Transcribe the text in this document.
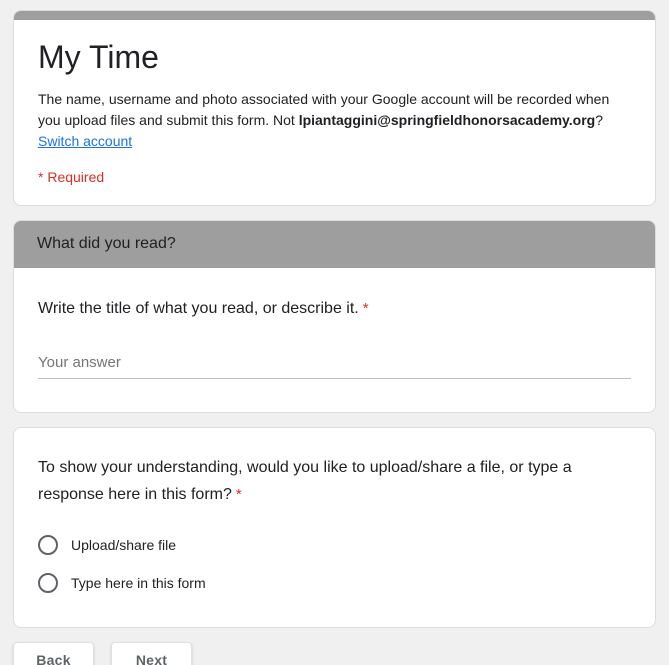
My Time
The name, username and photo associated with your Google account will be recorded when you upload files and submit this form. Not lpiantaggini@springfieldhonorsacademy.org?
Switch account
* Required
What did you read?
Write the title of what you read, or describe it. *
Your answer
To show your understanding, would you like to upload/share a file, or type a response here in this form? *
Upload/share file
Type here in this form
Back	Next
